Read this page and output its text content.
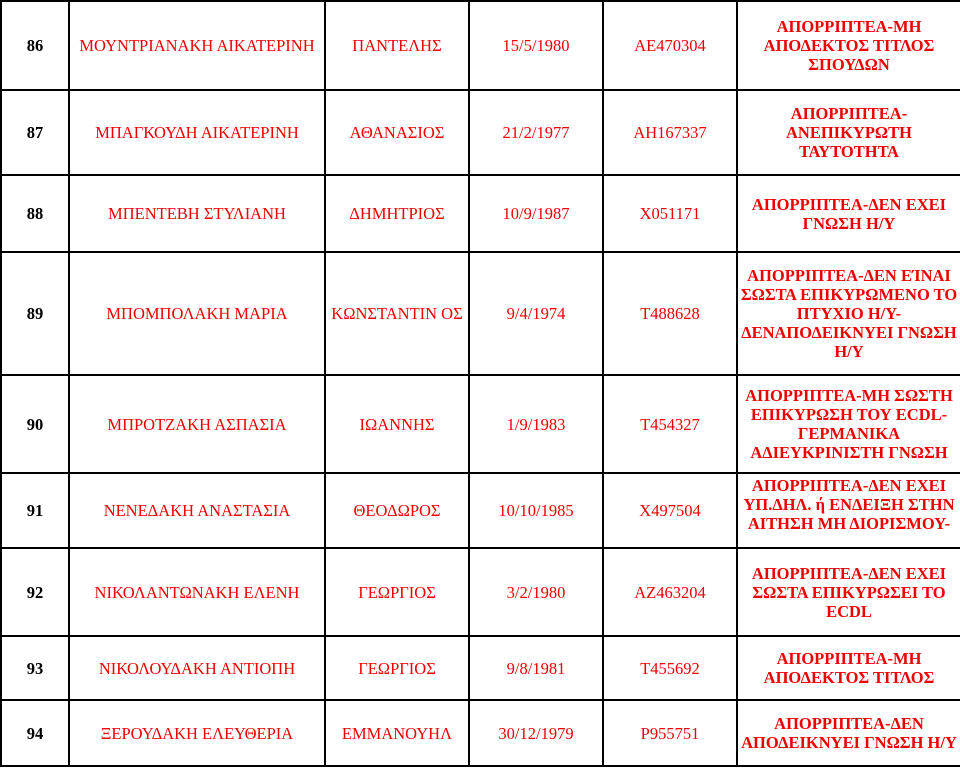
86	ΜΟΥΝΤΡΙΑΝΑΚΗ ΑΙΚΑΤΕΡΙΝΗ	ΠΑΝΤΕΛΗΣ	15/5/1980	ΑΕ470304	ΑΠΟΡΡΙΠΤΕΑ-ΜΗ ΑΠΟΔΕΚΤΟΣ ΤΙΤΛΟΣ ΣΠΟΥΔΩΝ
87	ΜΠΑΓΚΟΥΔΗ ΑΙΚΑΤΕΡΙΝΗ	ΑΘΑΝΑΣΙΟΣ	21/2/1977	ΑΗ167337	ΑΠΟΡΡΙΠΤΕΑ-ΑΝΕΠΙΚΥΡΩΤΗ ΤΑΥΤΟΤΗΤΑ
88	ΜΠΕΝΤΕΒΗ ΣΤΥΛΙΑΝΗ	ΔΗΜΗΤΡΙΟΣ	10/9/1987	Χ051171	ΑΠΟΡΡΙΠΤΕΑ-ΔΕΝ ΕΧΕΙ ΓΝΩΣΗ Η/Υ
89	ΜΠΟΜΠΟΛΑΚΗ ΜΑΡΙΑ	ΚΩΝΣΤΑΝΤΙΝ ΟΣ	9/4/1974	Τ488628	ΑΠΟΡΡΙΠΤΕΑ-ΔΕΝ ΕΊΝΑΙ ΣΩΣΤΑ ΕΠΙΚΥΡΩΜΕΝΟ ΤΟ ΠΤΥΧΙΟ Η/Υ-ΔΕΝΑΠΟΔΕΙΚΝΥΕΙ ΓΝΩΣΗ Η/Υ
90	ΜΠΡΟΤΖΑΚΗ ΑΣΠΑΣΙΑ	ΙΩΑΝΝΗΣ	1/9/1983	Τ454327	ΑΠΟΡΡΙΠΤΕΑ-ΜΗ ΣΩΣΤΗ ΕΠΙΚΥΡΩΣΗ ΤΟΥ ECDL-ΓΕΡΜΑΝΙΚΑ ΑΔΙΕΥΚΡΙΝΙΣΤΗ ΓΝΩΣΗ
91	ΝΕΝΕΔΑΚΗ ΑΝΑΣΤΑΣΙΑ	ΘΕΟΔΩΡΟΣ	10/10/1985	Χ497504	ΑΠΟΡΡΙΠΤΕΑ-ΔΕΝ ΕΧΕΙ ΥΠ.ΔΗΛ. ή ΕΝΔΕΙΞΗ ΣΤΗΝ ΑΙΤΗΣΗ ΜΗ ΔΙΟΡΙΣΜΟΥ-

92	ΝΙΚΟΛΑΝΤΩΝΑΚΗ ΕΛΕΝΗ	ΓΕΩΡΓΙΟΣ	3/2/1980	ΑΖ463204	ΑΠΟΡΡΙΠΤΕΑ-ΔΕΝ ΕΧΕΙ ΣΩΣΤΑ ΕΠΙΚΥΡΩΣΕΙ ΤΟ ECDL
93	ΝΙΚΟΛΟΥΔΑΚΗ ΑΝΤΙΟΠΗ	ΓΕΩΡΓΙΟΣ	9/8/1981	Τ455692	ΑΠΟΡΡΙΠΤΕΑ-ΜΗ ΑΠΟΔΕΚΤΟΣ ΤΙΤΛΟΣ
94	ΞΕΡΟΥΔΑΚΗ ΕΛΕΥΘΕΡΙΑ	ΕΜΜΑΝΟΥΗΛ	30/12/1979	Ρ955751	ΑΠΟΡΡΙΠΤΕΑ-ΔΕΝ ΑΠΟΔΕΙΚΝΥΕΙ ΓΝΩΣΗ Η/Υ
